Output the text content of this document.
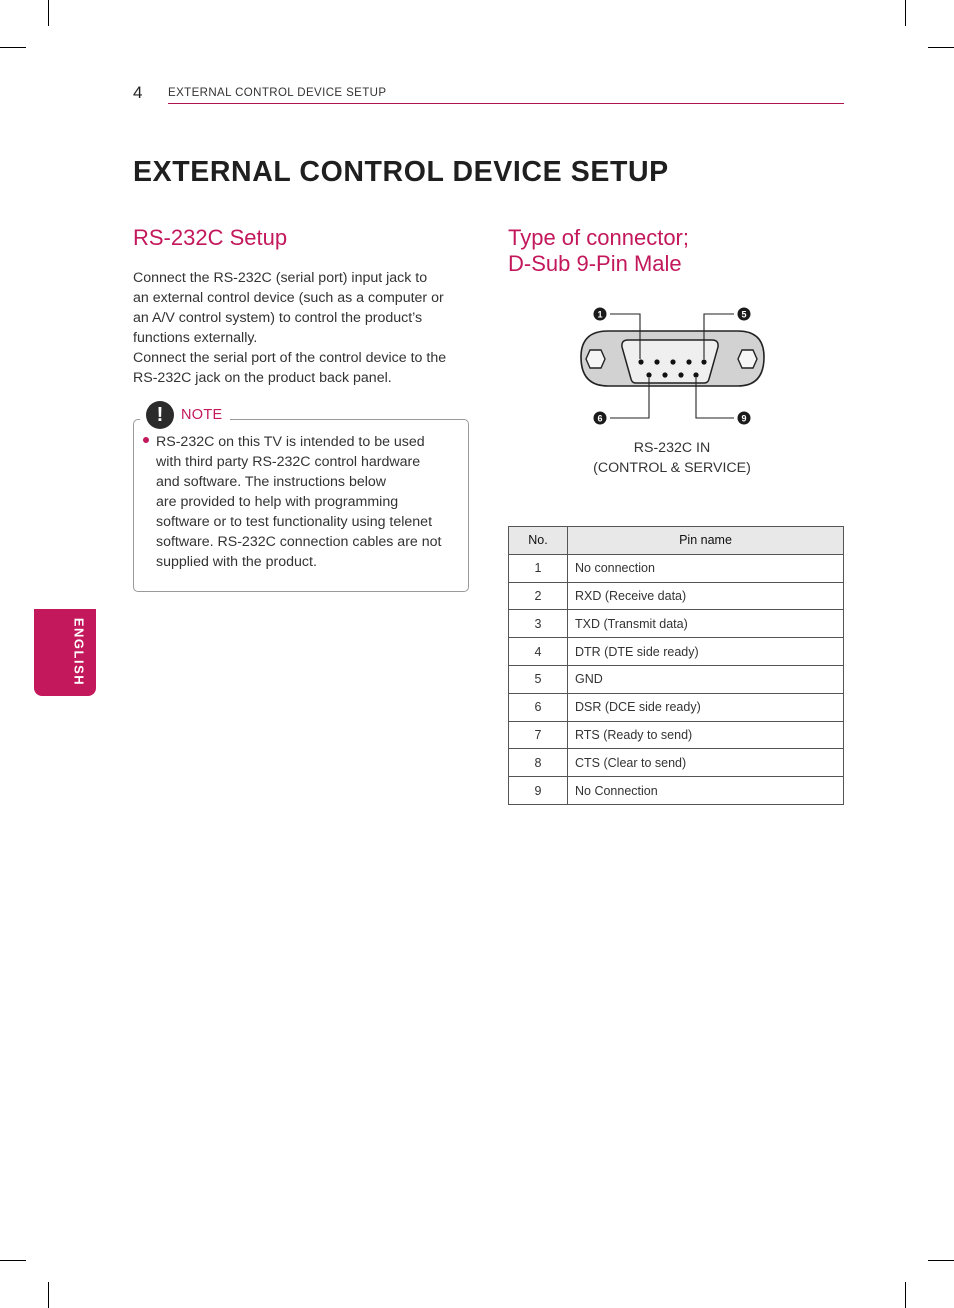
4 EXTERNAL CONTROL DEVICE SETUP
EXTERNAL CONTROL DEVICE SETUP
RS-232C Setup
Connect the RS-232C (serial port) input jack to
an external control device (such as a computer or
an A/V control system) to control the product’s
functions externally.
Connect the serial port of the control device to the
RS-232C jack on the product back panel.
!	NOTE
RS-232C on this TV is intended to be used
with third party RS-232C control hardware
and software. The instructions below
are provided to help with programming
software or to test functionality using telenet
software. RS-232C connection cables are not
supplied with the product.
Type of connector;
D-Sub 9-Pin Male
1	5
6	9
RS-232C IN
(CONTROL & SERVICE)
No.	Pin name
1	No connection
2	RXD (Receive data)
3	TXD (Transmit data)
4	DTR (DTE side ready)
5	GND
6	DSR (DCE side ready)
7	RTS (Ready to send)
8	CTS (Clear to send)
9	No Connection
ENGLISH
